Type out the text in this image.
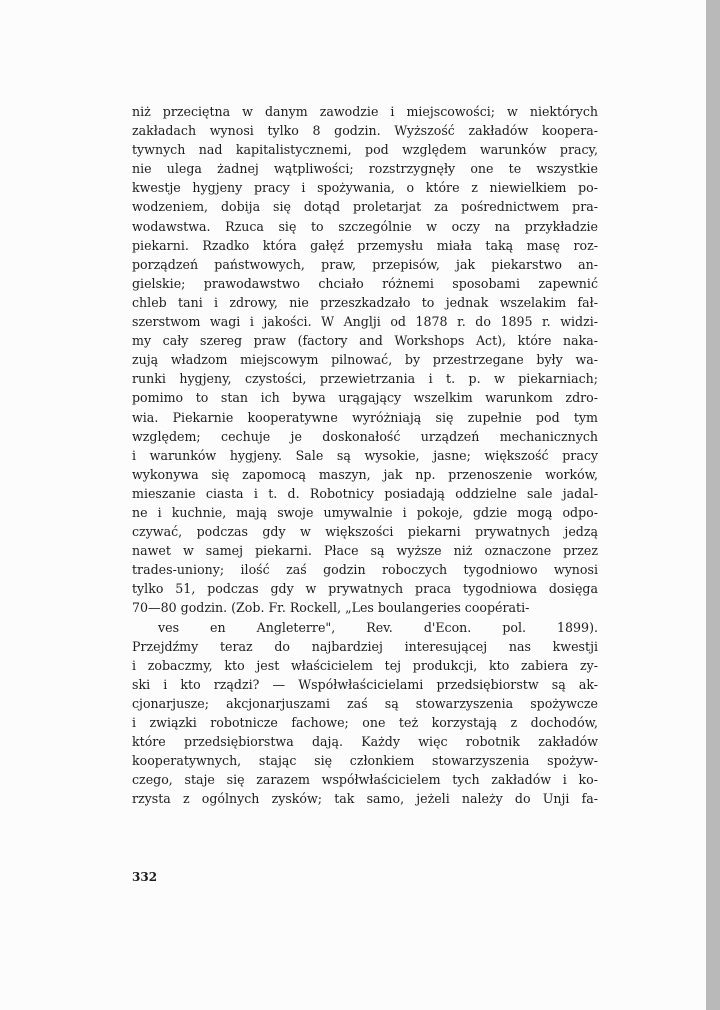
niż przeciętna w danym zawodzie i miejscowości; w niektórych
zakładach wynosi tylko 8 godzin. Wyższość zakładów koopera-
tywnych nad kapitalistycznemi, pod względem warunków pracy,
nie ulega żadnej wątpliwości; rozstrzygnęły one te wszystkie
kwestje hygjeny pracy i spożywania, o które z niewielkiem po-
wodzeniem, dobija się dotąd proletarjat za pośrednictwem pra-
wodawstwa. Rzuca się to szczególnie w oczy na przykładzie
piekarni. Rzadko która gałęź przemysłu miała taką masę roz-
porządzeń państwowych, praw, przepisów, jak piekarstwo an-
gielskie; prawodawstwo chciało różnemi sposobami zapewnić
chleb tani i zdrowy, nie przeszkadzało to jednak wszelakim fał-
szerstwom wagi i jakości. W Anglji od 1878 r. do 1895 r. widzi-
my cały szereg praw (factory and Workshops Act), które naka-
zują władzom miejscowym pilnować, by przestrzegane były wa-
runki hygjeny, czystości, przewietrzania i t. p. w piekarniach;
pomimo to stan ich bywa urągający wszelkim warunkom zdro-
wia. Piekarnie kooperatywne wyróżniają się zupełnie pod tym
względem; cechuje je doskonałość urządzeń mechanicznych
i warunków hygjeny. Sale są wysokie, jasne; większość pracy
wykonywa się zapomocą maszyn, jak np. przenoszenie worków,
mieszanie ciasta i t. d. Robotnicy posiadają oddzielne sale jadal-
ne i kuchnie, mają swoje umywalnie i pokoje, gdzie mogą odpo-
czywać, podczas gdy w większości piekarni prywatnych jedzą
nawet w samej piekarni. Płace są wyższe niż oznaczone przez
trades-uniony; ilość zaś godzin roboczych tygodniowo wynosi
tylko 51, podczas gdy w prywatnych praca tygodniowa dosięga
70—80 godzin. (Zob. Fr. Rockell, „Les boulangeries coopérati-
ves en Angleterre", Rev. d'Econ. pol. 1899).
Przejdźmy teraz do najbardziej interesującej nas kwestji
i zobaczmy, kto jest właścicielem tej produkcji, kto zabiera zy-
ski i kto rządzi? — Współwłaścicielami przedsiębiorstw są ak-
cjonarjusze; akcjonarjuszami zaś są stowarzyszenia spożywcze
i związki robotnicze fachowe; one też korzystają z dochodów,
które przedsiębiorstwa dają. Każdy więc robotnik zakładów
kooperatywnych, stając się członkiem stowarzyszenia spożyw-
czego, staje się zarazem współwłaścicielem tych zakładów i ko-
rzysta z ogólnych zysków; tak samo, jeżeli należy do Unji fa-
332
